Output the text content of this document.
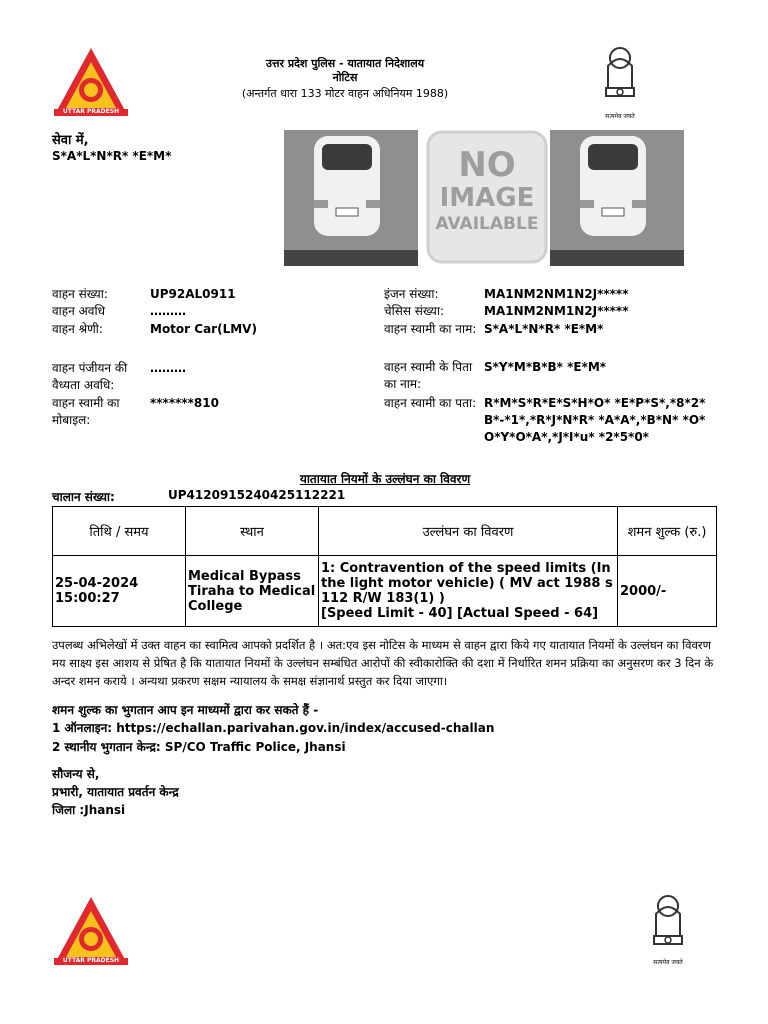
UTTAR PRADESH
उत्तर प्रदेश पुलिस - यातायात निदेशालय
नोटिस
(अन्तर्गत धारा 133 मोटर वाहन अधिनियम 1988)
सत्यमेव जयते
सेवा में,
S*A*L*N*R* *E*M*	NO
IMAGE
AVAILABLE
वाहन संख्या:	UP92AL0911
वाहन अवधि	………
वाहन श्रेणी:	Motor Car(LMV)
वाहन पंजीयन की वैध्यता अवधि:
………
वाहन स्वामी का मोबाइल:
*******810
इंजन संख्या:	MA1NM2NM1N2J*****
चेसिस संख्या:	MA1NM2NM1N2J*****
वाहन स्वामी का नाम: S*A*L*N*R* *E*M*
वाहन स्वामी के पिता का नाम:
S*Y*M*B*B* *E*M*
वाहन स्वामी का पता: R*M*S*R*E*S*H*O* *E*P*S*,*8*2*B*-*1*,*R*J*N*R* *A*A*,*B*N* *O*O*Y*O*A*,*J*I*u* *2*5*0*
यातायात नियमों के उल्लंघन का विवरण
चालान संख्या:	UP4120915240425112221
तिथि / समय	स्थान	उल्लंघन का विवरण	शमन शुल्क (रु.)
25-04-2024 15:00:27	Medical Bypass Tiraha to Medical College	1: Contravention of the speed limits (In the light motor vehicle) ( MV act 1988 s 112 R/W 183(1) )
[Speed Limit - 40] [Actual Speed - 64]	2000/-
उपलब्ध अभिलेखों में उक्त वाहन का स्वामित्व आपको प्रदर्शित है । अत:एव इस नोटिस के माध्यम से वाहन द्वारा किये गए यातायात नियमों के उल्लंघन का विवरण मय साक्ष्य इस आशय से प्रेषित है कि यातायात नियमों के उल्लंघन सम्बंधित आरोपों की स्वीकारोक्ति की दशा में निर्धारित शमन प्रक्रिया का अनुसरण कर 3 दिन के अन्दर शमन कराये । अन्यथा प्रकरण सक्षम न्यायालय के समक्ष संज्ञानार्थ प्रस्तुत कर दिया जाएगा।
शमन शुल्क का भुगतान आप इन माध्यमों द्वारा कर सकते हैं -
1 ऑनलाइन: https://echallan.parivahan.gov.in/index/accused-challan
2 स्थानीय भुगतान केन्द्र: SP/CO Traffic Police, Jhansi
सौजन्य से,
प्रभारी, यातायात प्रवर्तन केन्द्र
जिला :Jhansi
UTTAR PRADESH	सत्यमेव जयते
